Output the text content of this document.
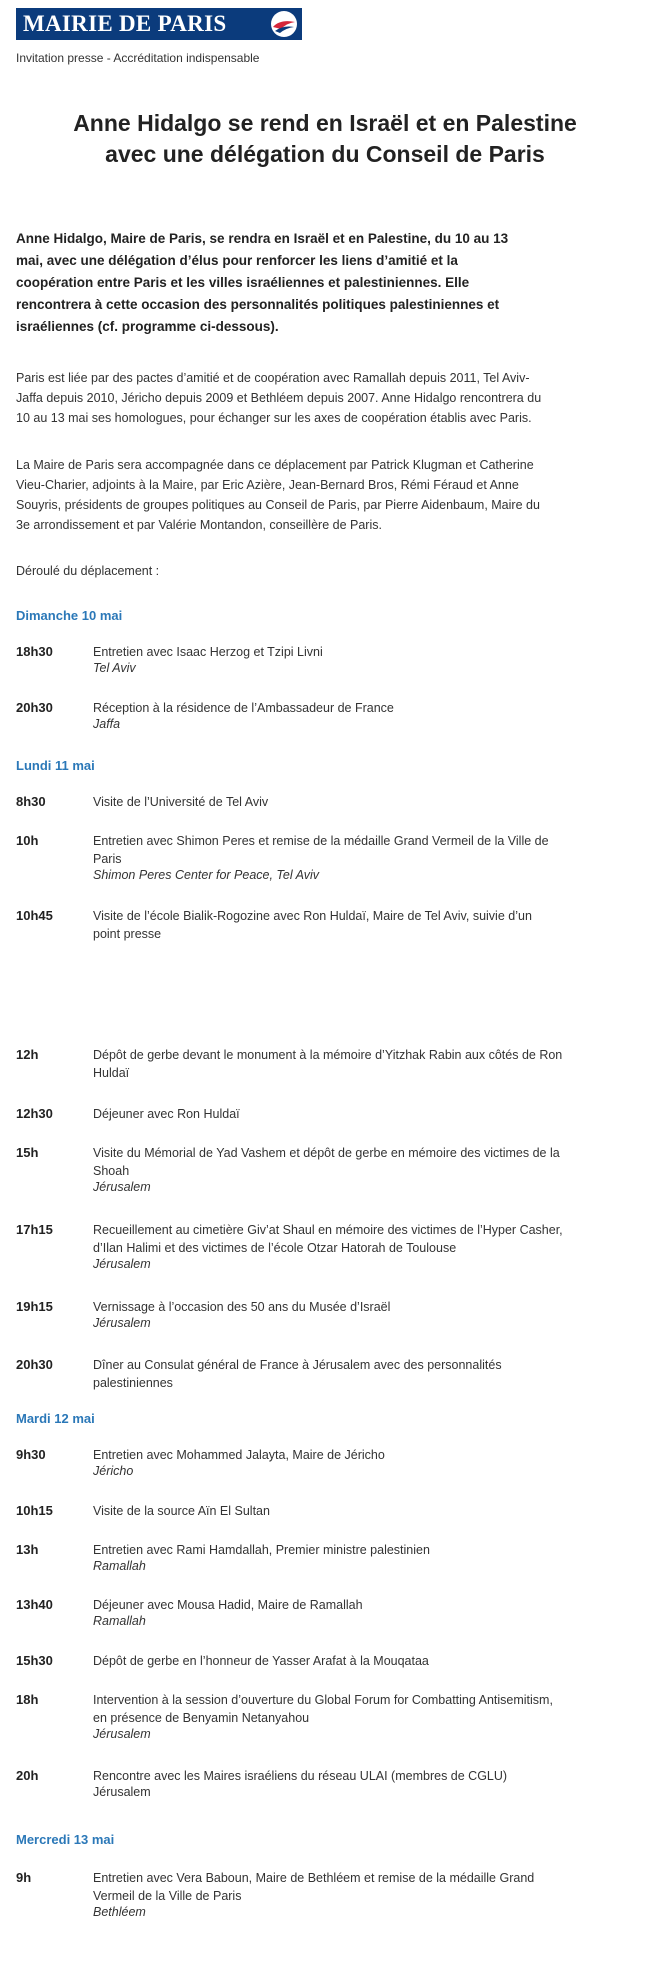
MAIRIE DE PARIS
Invitation presse - Accréditation indispensable
Anne Hidalgo se rend en Israël et en Palestine
avec une délégation du Conseil de Paris
Anne Hidalgo, Maire de Paris, se rendra en Israël et en Palestine, du 10 au 13
mai, avec une délégation d’élus pour renforcer les liens d’amitié et la
coopération entre Paris et les villes israéliennes et palestiniennes. Elle
rencontrera à cette occasion des personnalités politiques palestiniennes et
israéliennes (cf. programme ci-dessous).
Paris est liée par des pactes d’amitié et de coopération avec Ramallah depuis 2011, Tel Aviv-
Jaffa depuis 2010, Jéricho depuis 2009 et Bethléem depuis 2007. Anne Hidalgo rencontrera du
10 au 13 mai ses homologues, pour échanger sur les axes de coopération établis avec Paris.
La Maire de Paris sera accompagnée dans ce déplacement par Patrick Klugman et Catherine
Vieu-Charier, adjoints à la Maire, par Eric Azière, Jean-Bernard Bros, Rémi Féraud et Anne
Souyris, présidents de groupes politiques au Conseil de Paris, par Pierre Aidenbaum, Maire du
3e arrondissement et par Valérie Montandon, conseillère de Paris.
Déroulé du déplacement :
Dimanche 10 mai
18h30	Entretien avec Isaac Herzog et Tzipi Livni
Tel Aviv
20h30	Réception à la résidence de l’Ambassadeur de France
Jaffa
Lundi 11 mai
8h30	Visite de l’Université de Tel Aviv
10h	Entretien avec Shimon Peres et remise de la médaille Grand Vermeil de la Ville de
Paris
Shimon Peres Center for Peace, Tel Aviv
10h45	Visite de l’école Bialik-Rogozine avec Ron Huldaï, Maire de Tel Aviv, suivie d’un
point presse
12h	Dépôt de gerbe devant le monument à la mémoire d’Yitzhak Rabin aux côtés de Ron
Huldaï
12h30	Déjeuner avec Ron Huldaï
15h	Visite du Mémorial de Yad Vashem et dépôt de gerbe en mémoire des victimes de la
Shoah
Jérusalem
17h15	Recueillement au cimetière Giv’at Shaul en mémoire des victimes de l’Hyper Casher,
d’Ilan Halimi et des victimes de l’école Otzar Hatorah de Toulouse
Jérusalem
19h15	Vernissage à l’occasion des 50 ans du Musée d’Israël
Jérusalem
20h30	Dîner au Consulat général de France à Jérusalem avec des personnalités
palestiniennes
Mardi 12 mai
9h30	Entretien avec Mohammed Jalayta, Maire de Jéricho
Jéricho
10h15	Visite de la source Aïn El Sultan
13h	Entretien avec Rami Hamdallah, Premier ministre palestinien
Ramallah
13h40	Déjeuner avec Mousa Hadid, Maire de Ramallah
Ramallah
15h30	Dépôt de gerbe en l’honneur de Yasser Arafat à la Mouqataa
18h	Intervention à la session d’ouverture du Global Forum for Combatting Antisemitism,
en présence de Benyamin Netanyahou
Jérusalem
20h	Rencontre avec les Maires israéliens du réseau ULAI (membres de CGLU)
Jérusalem
Mercredi 13 mai
9h	Entretien avec Vera Baboun, Maire de Bethléem et remise de la médaille Grand
Vermeil de la Ville de Paris
Bethléem
